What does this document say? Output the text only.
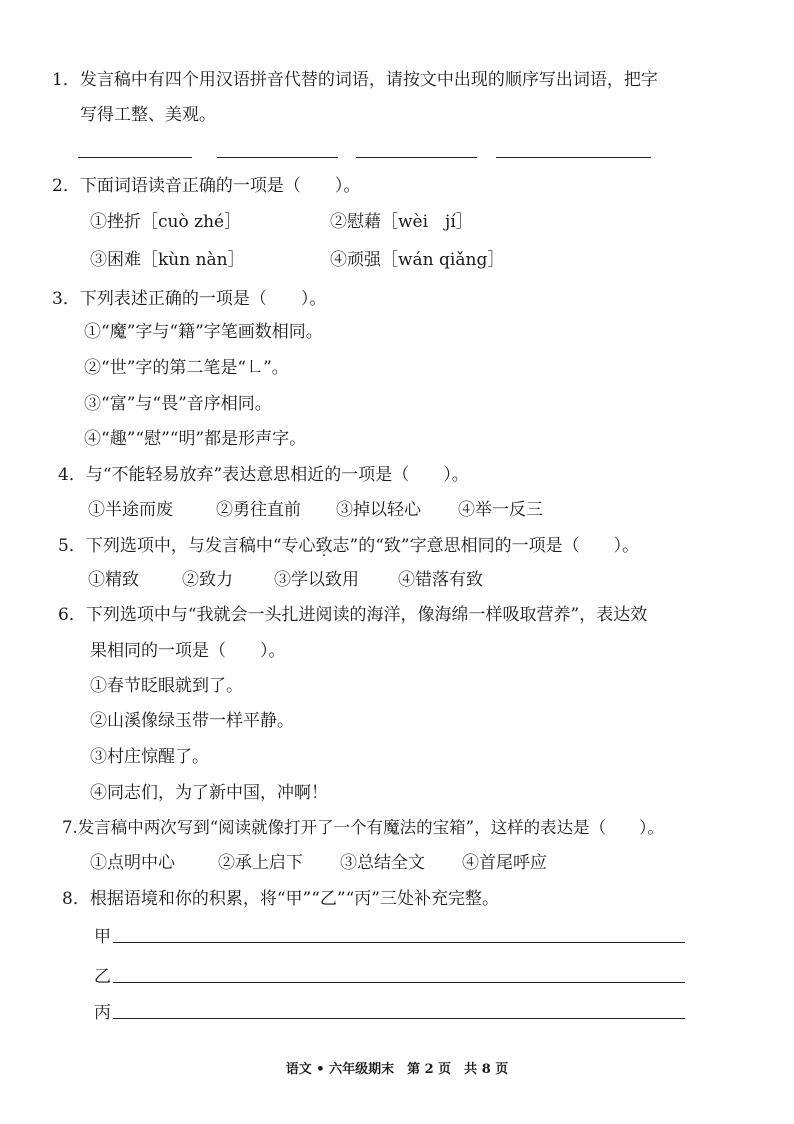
1．发言稿中有四个用汉语拼音代替的词语，请按文中出现的顺序写出词语，把字
写得工整、美观。
2．下面词语读音正确的一项是（　　）。
①挫折［cuò zhé］	②慰藉［wèi　jí］
③困难［kùn nàn］	④顽强［wán qiǎng］
3．下列表述正确的一项是（　　）。
①“魔”字与“籍”字笔画数相同。
②“世”字的第二笔是“㇗”。
③“富”与“畏”音序相同。
④“趣”“慰”“明”都是形声字。
4．与“不能轻易放弃”表达意思相近的一项是（　　）。
①半途而废	②勇往直前 ③掉以轻心 ④举一反三
5．下列选项中，与发言稿中“专心致志”的“致”字意思相同的一项是（　　）。
①精致	②致力 ③学以致用 ④错落有致
6．下列选项中与“我就会一头扎进阅读的海洋，像海绵一样吸取营养”，表达效
果相同的一项是（　　）。
①春节眨眼就到了。
②山溪像绿玉带一样平静。
③村庄惊醒了。
④同志们，为了新中国，冲啊！
7.发言稿中两次写到“阅读就像打开了一个有魔法的宝箱”，这样的表达是（　　）。
①点明中心	②承上启下 ③总结全文 ④首尾呼应
8．根据语境和你的积累，将“甲”“乙”“丙”三处补充完整。
甲
乙
丙
语文 • 六年级期末　第 2 页　共 8 页
